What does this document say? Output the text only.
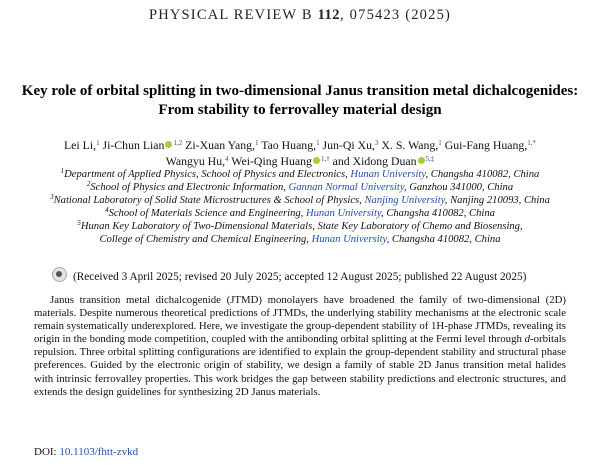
PHYSICAL REVIEW B 112, 075423 (2025)
Key role of orbital splitting in two-dimensional Janus transition metal dichalcogenides:
From stability to ferrovalley material design
Lei Li,$^1$ Ji-Chun Lian $^{1,2}$ Zi-Xuan Yang,$^1$ Tao Huang,$^1$ Jun-Qi Xu,$^3$ X. S. Wang,$^1$ Gui-Fang Huang,$^{1,*}$
Wangyu Hu,$^4$ Wei-Qing Huang $^{1,\dagger}$ and Xidong Duan $^{5,\ddagger}$
$^1$Department of Applied Physics, School of Physics and Electronics, Hunan University, Changsha 410082, China
$^2$School of Physics and Electronic Information, Gannan Normal University, Ganzhou 341000, China
$^3$National Laboratory of Solid State Microstructures & School of Physics, Nanjing University, Nanjing 210093, China
$^4$School of Materials Science and Engineering, Hunan University, Changsha 410082, China
$^5$Hunan Key Laboratory of Two-Dimensional Materials, State Key Laboratory of Chemo and Biosensing,
College of Chemistry and Chemical Engineering, Hunan University, Changsha 410082, China
(Received 3 April 2025; revised 20 July 2025; accepted 12 August 2025; published 22 August 2025)

Janus transition metal dichalcogenide (JTMD) monolayers have broadened the family of two-dimensional (2D) materials. Despite numerous theoretical predictions of JTMDs, the underlying stability mechanisms at the electronic scale remain systematically underexplored. Here, we investigate the group-dependent stability of 1H-phase JTMDs, revealing its origin in the bonding mode competition, coupled with the antibonding orbital splitting at the Fermi level through d-orbitals repulsion. Three orbital splitting configurations are identified to explain the group-dependent stability and structural phase preferences. Guided by the electronic origin of stability, we design a family of stable 2D Janus transition metal halides with intrinsic ferrovalley properties. This work bridges the gap between stability predictions and electronic structures, and extends the design guidelines for synthesizing 2D Janus materials.

DOI: 10.1103/fhtt-zvkd
